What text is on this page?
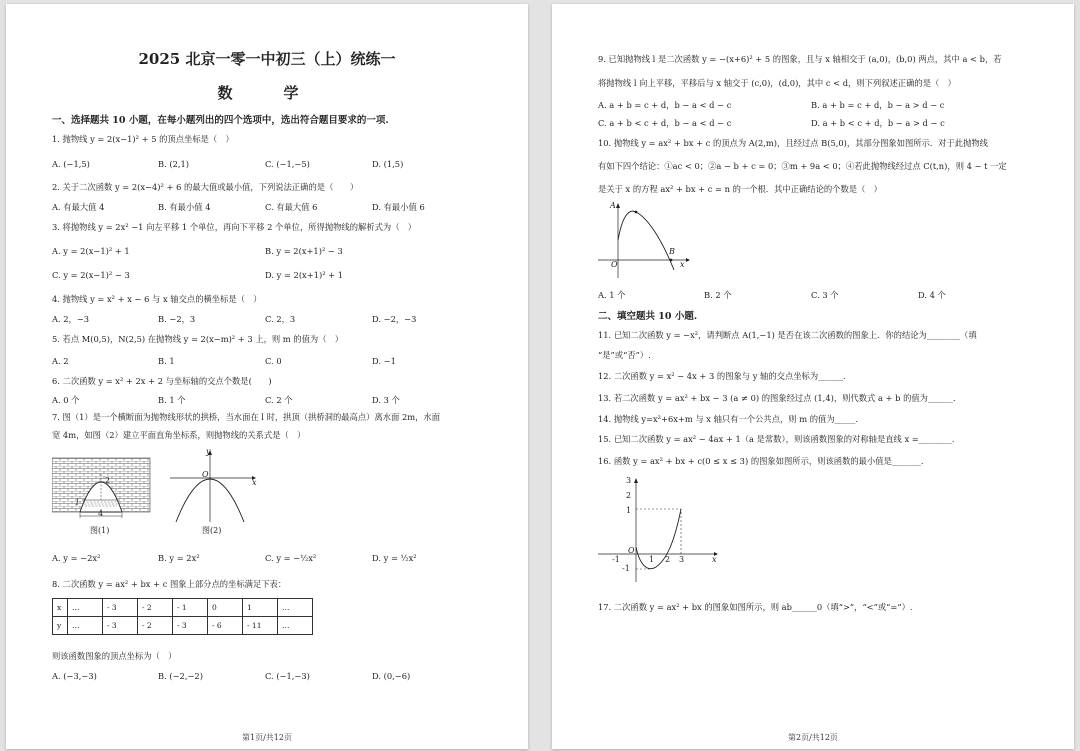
2025 北京一零一中初三（上）统练一
数　学
一、选择题共 10 小题，在每小题列出的四个选项中，选出符合题目要求的一项.
1. 抛物线 y = 2(x−1)² + 5 的顶点坐标是（　）
A. (−1,5)	B. (2,1)	C. (−1,−5)	D. (1,5)
2. 关于二次函数 y = 2(x−4)² + 6 的最大值或最小值，下列说法正确的是（　　）
A. 有最大值 4	B. 有最小值 4	C. 有最大值 6	D. 有最小值 6
3. 将抛物线 y = 2x² −1 向左平移 1 个单位，再向下平移 2 个单位，所得抛物线的解析式为（　）
A. y = 2(x−1)² + 1	B. y = 2(x+1)² − 3
C. y = 2(x−1)² − 3	D. y = 2(x+1)² + 1
4. 抛物线 y = x² + x − 6 与 x 轴交点的横坐标是（　）
A. 2，−3	B. −2，3	C. 2，3	D. −2，−3
5. 若点 M(0,5)，N(2,5) 在抛物线 y = 2(x−m)² + 3 上，则 m 的值为（　）
A. 2	B. 1	C. 0	D. −1
6. 二次函数 y = x² + 2x + 2 与坐标轴的交点个数是(　　)
A. 0 个	B. 1 个	C. 2 个	D. 3 个
7. 图（1）是一个横断面为抛物线形状的拱桥，当水面在 l 时，拱顶（拱桥洞的最高点）离水面 2m，水面
宽 4m，如图（2）建立平面直角坐标系，则抛物线的关系式是（　）
2
4
l
图(1)
y
x
O
图(2)
A. y = −2x²	B. y = 2x²	C. y = −½x²	D. y = ½x²
8. 二次函数 y = ax² + bx + c 图象上部分点的坐标满足下表：
x	…	- 3	- 2	- 1	0	1	…
y	…	- 3	- 2	- 3	- 6	- 11	…
则该函数图象的顶点坐标为（　）
A. (−3,−3)	B. (−2,−2)	C. (−1,−3)	D. (0,−6)
第1页/共12页
9. 已知抛物线 l 是二次函数 y = −(x+6)² + 5 的图象，且与 x 轴相交于 (a,0)，(b,0) 两点，其中 a < b，若
将抛物线 l 向上平移，平移后与 x 轴交于 (c,0)，(d,0)，其中 c < d，则下列叙述正确的是（　）
A. a + b = c + d，b − a < d − c	B. a + b = c + d，b − a > d − c
C. a + b < c + d，b − a < d − c	D. a + b < c + d，b − a > d − c
10. 抛物线 y = ax² + bx + c 的顶点为 A(2,m)，且经过点 B(5,0)，其部分图象如图所示．对于此抛物线
有如下四个结论：①ac < 0；②a − b + c = 0；③m + 9a < 0；④若此抛物线经过点 C(t,n)，则 4 − t 一定
是关于 x 的方程 ax² + bx + c = n 的一个根．其中正确结论的个数是（　）
A
B
x
O
A. 1 个	B. 2 个	C. 3 个	D. 4 个
二、填空题共 10 小题.
11. 已知二次函数 y = −x²，请判断点 A(1,−1) 是否在该二次函数的图象上．你的结论为________（填
“是”或“否”）.
12. 二次函数 y = x² − 4x + 3 的图象与 y 轴的交点坐标为______.
13. 若二次函数 y = ax² + bx − 3 (a ≠ 0) 的图象经过点 (1,4)，则代数式 a + b 的值为______.
14. 抛物线 y=x²+6x+m 与 x 轴只有一个公共点，则 m 的值为_____.
15. 已知二次函数 y = ax² − 4ax + 1（a 是常数），则该函数图象的对称轴是直线 x =________.
16. 函数 y = ax² + bx + c(0 ≤ x ≤ 3) 的图象如图所示，则该函数的最小值是_______.
3
2
1
-1
-1	1 2 3
O
x
17. 二次函数 y = ax² + bx 的图象如图所示，则 ab______0（填“>”，“<”或“=”）.
第2页/共12页
